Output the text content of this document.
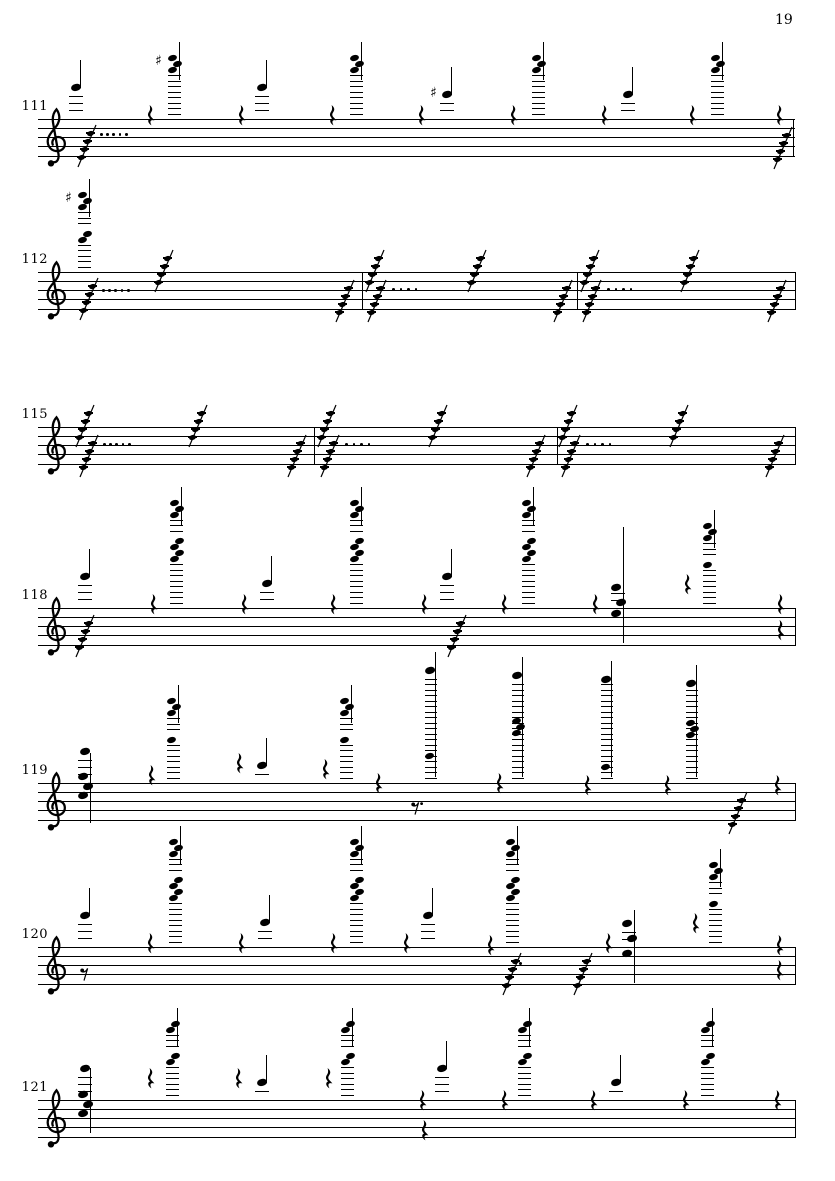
19
111
♯
♯
112
♯
115
118
119
120
121
